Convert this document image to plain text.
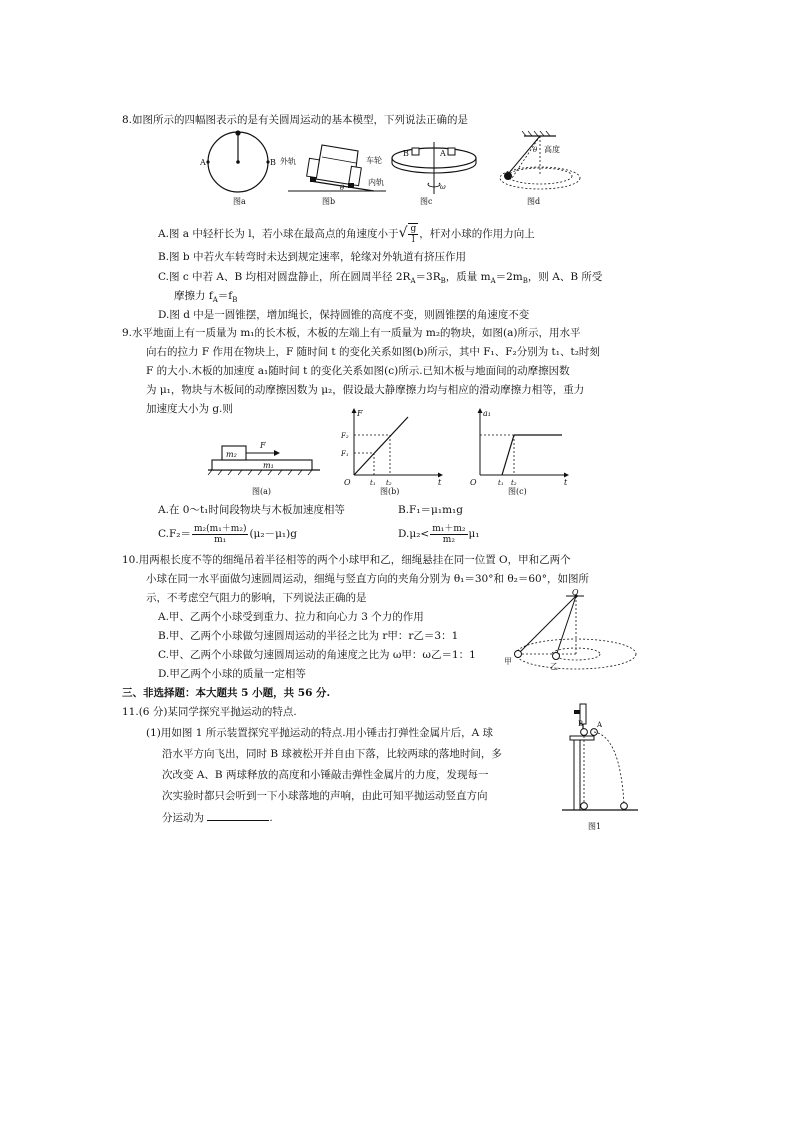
8.如图所示的四幅图表示的是有关圆周运动的基本模型，下列说法正确的是
A	B
图a
外轨	车轮
内轨
θ
图b
B	A
ω
图c
高度
θ
图d
A.图 a 中轻杆长为 l，若小球在最高点的角速度小于√ $\frac{g}{l}$ ，杆对小球的作用力向上
B.图 b 中若火车转弯时未达到规定速率，轮缘对外轨道有挤压作用
C.图 c 中若 A、B 均相对圆盘静止，所在圆周半径 $2R_A=3R_B$，质量 $m_A=2m_B$，则 A、B 所受
摩擦力 $f_A=f_B$
D.图 d 中是一圆锥摆，增加绳长，保持圆锥的高度不变，则圆锥摆的角速度不变
9.水平地面上有一质量为 m₁的长木板，木板的左端上有一质量为 m₂的物块，如图(a)所示，用水平
向右的拉力 F 作用在物块上，F 随时间 t 的变化关系如图(b)所示，其中 F₁、F₂分别为 t₁、t₂时刻
F 的大小.木板的加速度 a₁随时间 t 的变化关系如图(c)所示.已知木板与地面间的动摩擦因数
为 μ₁，物块与木板间的动摩擦因数为 μ₂，假设最大静摩擦力均与相应的滑动摩擦力相等，重力
加速度大小为 g.则
m₂
m₁
F
图(a)
F
t
O
F₁
F₂
t₁ t₂
图(b)
a₁
t
O	t₁ t₂
图(c)
A.在 0～t₁时间段物块与木板加速度相等	B.F₁＝μ₁m₁g
$C.F_2= \frac{\text{m₂(m₁＋m₂)}}{\text{m₁}} (\mu_2-\mu_1)g$	$D.\mu_2< \frac{\text{m₁＋m₂}}{\text{m₂}} \mu_1$
10.用两根长度不等的细绳吊着半径相等的两个小球甲和乙，细绳悬挂在同一位置 O，甲和乙两个
小球在同一水平面做匀速圆周运动，细绳与竖直方向的夹角分别为 θ₁＝30°和 θ₂＝60°，如图所
示，不考虑空气阻力的影响，下列说法正确的是
A.甲、乙两个小球受到重力、拉力和向心力 3 个力的作用
B.甲、乙两个小球做匀速圆周运动的半径之比为 r甲：r乙＝3：1
C.甲、乙两个小球做匀速圆周运动的角速度之比为 ω甲：ω乙＝1：1
D.甲乙两个小球的质量一定相等
O
甲
乙
三、非选择题：本大题共 5 小题，共 56 分.
11.(6 分)某同学探究平抛运动的特点.
(1)用如图 1 所示装置探究平抛运动的特点.用小锤击打弹性金属片后，A 球
沿水平方向飞出，同时 B 球被松开并自由下落，比较两球的落地时间，多
次改变 A、B 两球释放的高度和小锤敲击弹性金属片的力度，发现每一
次实验时都只会听到一下小球落地的声响，由此可知平抛运动竖直方向
分运动为	.
B A
图1
